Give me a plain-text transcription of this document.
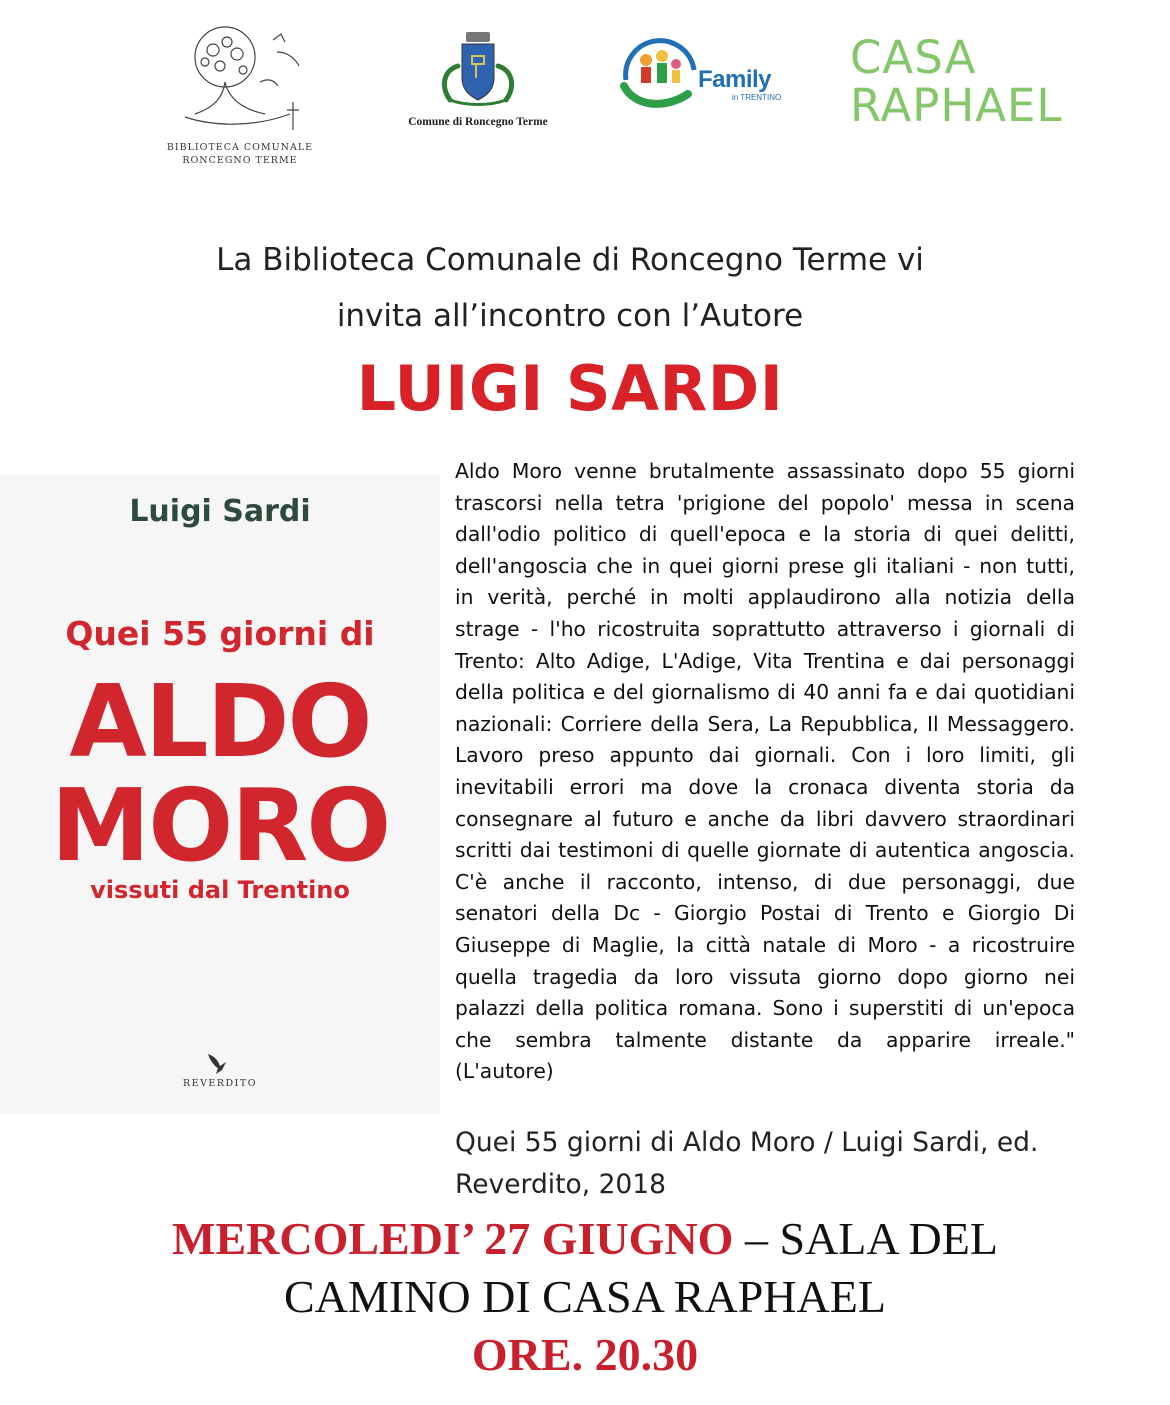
BIBLIOTECA COMUNALE
RONCEGNO TERME
Comune di Roncegno Terme
Family
in TRENTINO
CASA
RAPHAEL
La Biblioteca Comunale di Roncegno Terme vi
invita all’incontro con l’Autore
LUIGI SARDI
Luigi Sardi
Quei 55 giorni di
ALDO
MORO
vissuti dal Trentino
REVERDITO

Aldo Moro venne brutalmente assassinato dopo 55 giorni trascorsi nella tetra 'prigione del popolo' messa in scena dall'odio politico di quell'epoca e la storia di quei delitti, dell'angoscia che in quei giorni prese gli italiani - non tutti, in verità, perché in molti applaudirono alla notizia della strage - l'ho ricostruita soprattutto attraverso i giornali di Trento: Alto Adige, L'Adige, Vita Trentina e dai personaggi della politica e del giornalismo di 40 anni fa e dai quotidiani nazionali: Corriere della Sera, La Repubblica, Il Messaggero. Lavoro preso appunto dai giornali. Con i loro limiti, gli inevitabili errori ma dove la cronaca diventa storia da consegnare al futuro e anche da libri davvero straordinari scritti dai testimoni di quelle giornate di autentica angoscia. C'è anche il racconto, intenso, di due personaggi, due senatori della Dc - Giorgio Postai di Trento e Giorgio Di Giuseppe di Maglie, la città natale di Moro - a ricostruire quella tragedia da loro vissuta giorno dopo giorno nei palazzi della politica romana. Sono i superstiti di un'epoca che sembra talmente distante da apparire irreale." (L'autore)

Quei 55 giorni di Aldo Moro / Luigi Sardi, ed.
Reverdito, 2018
MERCOLEDI’ 27 GIUGNO – SALA DEL
CAMINO DI CASA RAPHAEL
ORE. 20.30
